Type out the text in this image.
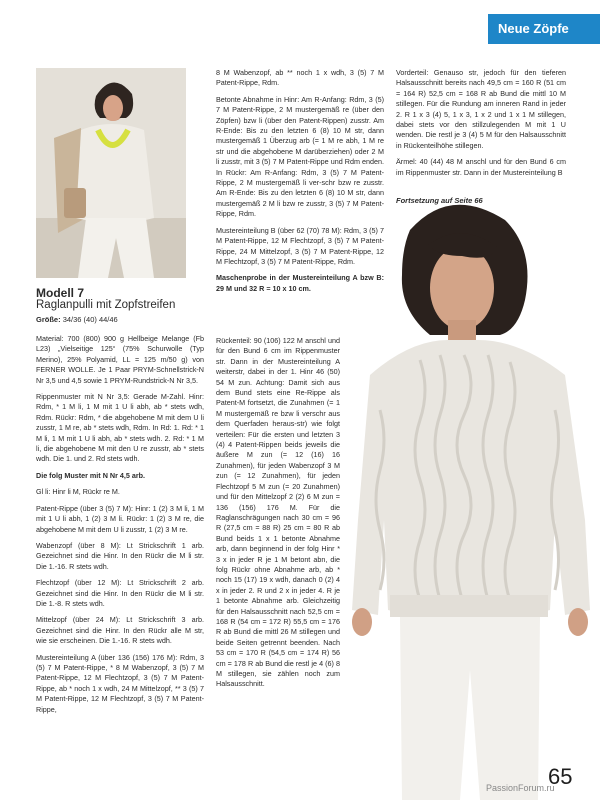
Neue Zöpfe
Modell 7
Raglanpulli mit Zopfstreifen
Größe: 34/36 (40) 44/46

Material: 700 (800) 900 g Hellbeige Melange (Fb L23) „Vielseitige 125“ (75% Schurwolle (Typ Merino), 25% Polyamid, LL = 125 m/50 g) von FERNER WOLLE. Je 1 Paar PRYM-Schnellstrick-N Nr 3,5 und 4,5 sowie 1 PRYM-Rundstrick-N Nr 3,5.

Rippenmuster mit N Nr 3,5: Gerade M-Zahl. Hinr: Rdm, * 1 M li, 1 M mit 1 U li abh, ab * stets wdh, Rdm. Rückr: Rdm, * die abgehobene M mit dem U li zusstr, 1 M re, ab * stets wdh, Rdm. In Rd: 1. Rd: * 1 M li, 1 M mit 1 U li abh, ab * stets wdh. 2. Rd: * 1 M li, die abgehobene M mit den U re zusstr, ab * stets wdh. Die 1. und 2. Rd stets wdh.

Die folg Muster mit N Nr 4,5 arb.

Gl li: Hinr li M, Rückr re M.

Patent-Rippe (über 3 (5) 7 M): Hinr: 1 (2) 3 M li, 1 M mit 1 U li abh, 1 (2) 3 M li. Rückr: 1 (2) 3 M re, die abgehobene M mit dem U li zusstr, 1 (2) 3 M re.

Wabenzopf (über 8 M): Lt Strickschrift 1 arb. Gezeichnet sind die Hinr. In den Rückr die M li str. Die 1.-16. R stets wdh.

Flechtzopf (über 12 M): Lt Strickschrift 2 arb. Gezeichnet sind die Hinr. In den Rückr die M li str. Die 1.-8. R stets wdh.

Mittelzopf (über 24 M): Lt Strickschrift 3 arb. Gezeichnet sind die Hinr. In den Rückr alle M str, wie sie erscheinen. Die 1.-16. R stets wdh.

Mustereinteilung A (über 136 (156) 176 M): Rdm, 3 (5) 7 M Patent-Rippe, * 8 M Wabenzopf, 3 (5) 7 M Patent-Rippe, 12 M Flechtzopf, 3 (5) 7 M Patent-Rippe, ab * noch 1 x wdh, 24 M Mittelzopf, ** 3 (5) 7 M Patent-Rippe, 12 M Flechtzopf, 3 (5) 7 M Patent-Rippe,

8 M Wabenzopf, ab ** noch 1 x wdh, 3 (5) 7 M Patent-Rippe, Rdm.

Betonte Abnahme in Hinr: Am R-Anfang: Rdm, 3 (5) 7 M Patent-Rippe, 2 M mustergemäß re (über den Zöpfen) bzw li (über den Patent-Rippen) zusstr. Am R-Ende: Bis zu den letzten 6 (8) 10 M str, dann mustergemäß 1 Überzug arb (= 1 M re abh, 1 M re str und die abgehobene M darüberziehen) oder 2 M li zusstr, mit 3 (5) 7 M Patent-Rippe und Rdm enden. In Rückr: Am R-Anfang: Rdm, 3 (5) 7 M Patent-Rippe, 2 M mustergemäß li ver-schr bzw re zusstr. Am R-Ende: Bis zu den letzten 6 (8) 10 M str, dann mustergemäß 2 M li bzw re zusstr, 3 (5) 7 M Patent-Rippe, Rdm.

Mustereinteilung B (über 62 (70) 78 M): Rdm, 3 (5) 7 M Patent-Rippe, 12 M Flechtzopf, 3 (5) 7 M Patent-Rippe, 24 M Mittelzopf, 3 (5) 7 M Patent-Rippe, 12 M Flechtzopf, 3 (5) 7 M Patent-Rippe, Rdm.

Maschenprobe in der Mustereinteilung A bzw B: 29 M und 32 R = 10 x 10 cm.

Rückenteil: 90 (106) 122 M anschl und für den Bund 6 cm im Rippenmuster str. Dann in der Mustereinteilung A weiterstr, dabei in der 1. Hinr 46 (50) 54 M zun. Achtung: Damit sich aus dem Bund stets eine Re-Rippe als Patent-M fortsetzt, die Zunahmen (= 1 M mustergemäß re bzw li verschr aus dem Querfaden heraus-str) wie folgt verteilen: Für die ersten und letzten 3 (4) 4 Patent-Rippen beids jeweils die äußere M zun (= 12 (16) 16 Zunahmen), für jeden Wabenzopf 3 M zun (= 12 Zunahmen), für jeden Flechtzopf 5 M zun (= 20 Zunahmen) und für den Mittelzopf 2 (2) 6 M zun = 136 (156) 176 M. Für die Raglanschrägungen nach 30 cm = 96 R (27,5 cm = 88 R) 25 cm = 80 R ab Bund beids 1 x 1 betonte Abnahme arb, dann beginnend in der folg Hinr * 3 x in jeder R je 1 M betont abn, die folg Rückr ohne Abnahme arb, ab * noch 15 (17) 19 x wdh, danach 0 (2) 4 x in jeder 2. R und 2 x in jeder 4. R je 1 betonte Abnahme arb. Gleichzeitig für den Halsausschnitt nach 52,5 cm = 168 R (54 cm = 172 R) 55,5 cm = 176 R ab Bund die mittl 26 M stillegen und beide Seiten getrennt beenden. Nach 53 cm = 170 R (54,5 cm = 174 R) 56 cm = 178 R ab Bund die restl je 4 (6) 8 M stillegen, sie zählen noch zum Halsausschnitt.

Vorderteil: Genauso str, jedoch für den tieferen Halsausschnitt bereits nach 49,5 cm = 160 R (51 cm = 164 R) 52,5 cm = 168 R ab Bund die mittl 10 M stillegen. Für die Rundung am inneren Rand in jeder 2. R 1 x 3 (4) 5, 1 x 3, 1 x 2 und 1 x 1 M stillegen, dabei stets vor den stillzulegenden M mit 1 U wenden. Die restl je 3 (4) 5 M für den Halsausschnitt in Rückenteilhöhe stillegen.

Ärmel: 40 (44) 48 M anschl und für den Bund 6 cm im Rippenmuster str. Dann in der Mustereinteilung B

Fortsetzung auf Seite 66
65
PassionForum.ru
